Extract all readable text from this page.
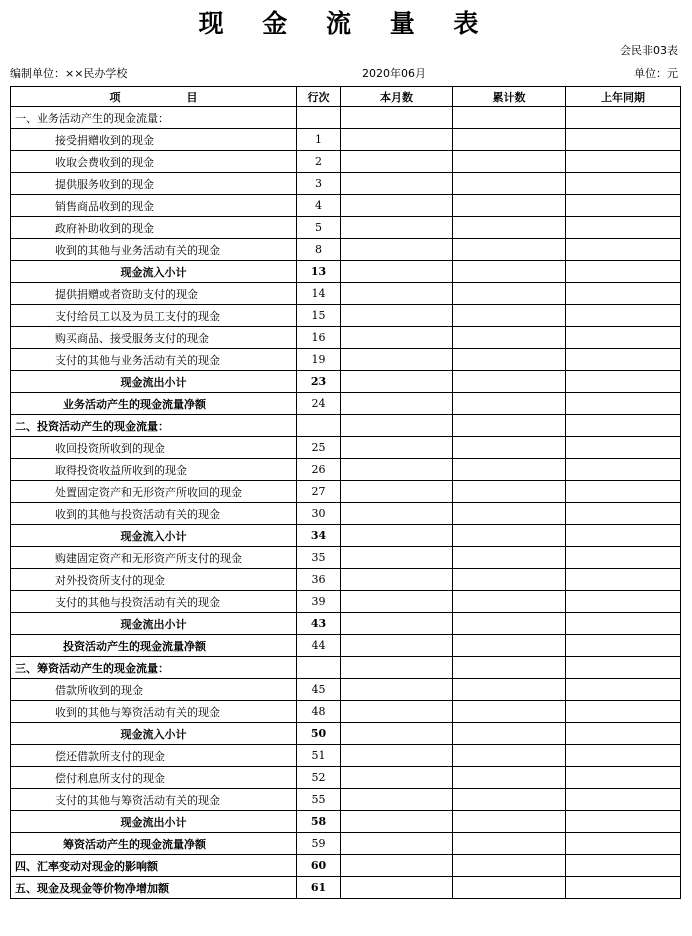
现 金 流 量 表
会民非03表
编制单位：××民办学校	2020年06月	单位：元
项　　　　　　目	行次	本月数	累计数	上年同期
一、业务活动产生的现金流量：				
接受捐赠收到的现金	1			
收取会费收到的现金	2			
提供服务收到的现金	3			
销售商品收到的现金	4			
政府补助收到的现金	5			
收到的其他与业务活动有关的现金	8			
现金流入小计	13			
提供捐赠或者资助支付的现金	14			
支付给员工以及为员工支付的现金	15			
购买商品、接受服务支付的现金	16			
支付的其他与业务活动有关的现金	19			
现金流出小计	23			
业务活动产生的现金流量净额	24			
二、投资活动产生的现金流量：				
收回投资所收到的现金	25			
取得投资收益所收到的现金	26			
处置固定资产和无形资产所收回的现金	27			
收到的其他与投资活动有关的现金	30			
现金流入小计	34			
购建固定资产和无形资产所支付的现金	35			
对外投资所支付的现金	36			
支付的其他与投资活动有关的现金	39			
现金流出小计	43			
投资活动产生的现金流量净额	44			
三、筹资活动产生的现金流量：				
借款所收到的现金	45			
收到的其他与筹资活动有关的现金	48			
现金流入小计	50			
偿还借款所支付的现金	51			
偿付利息所支付的现金	52			
支付的其他与筹资活动有关的现金	55			
现金流出小计	58			
筹资活动产生的现金流量净额	59			
四、汇率变动对现金的影响额	60			
五、现金及现金等价物净增加额	61			
